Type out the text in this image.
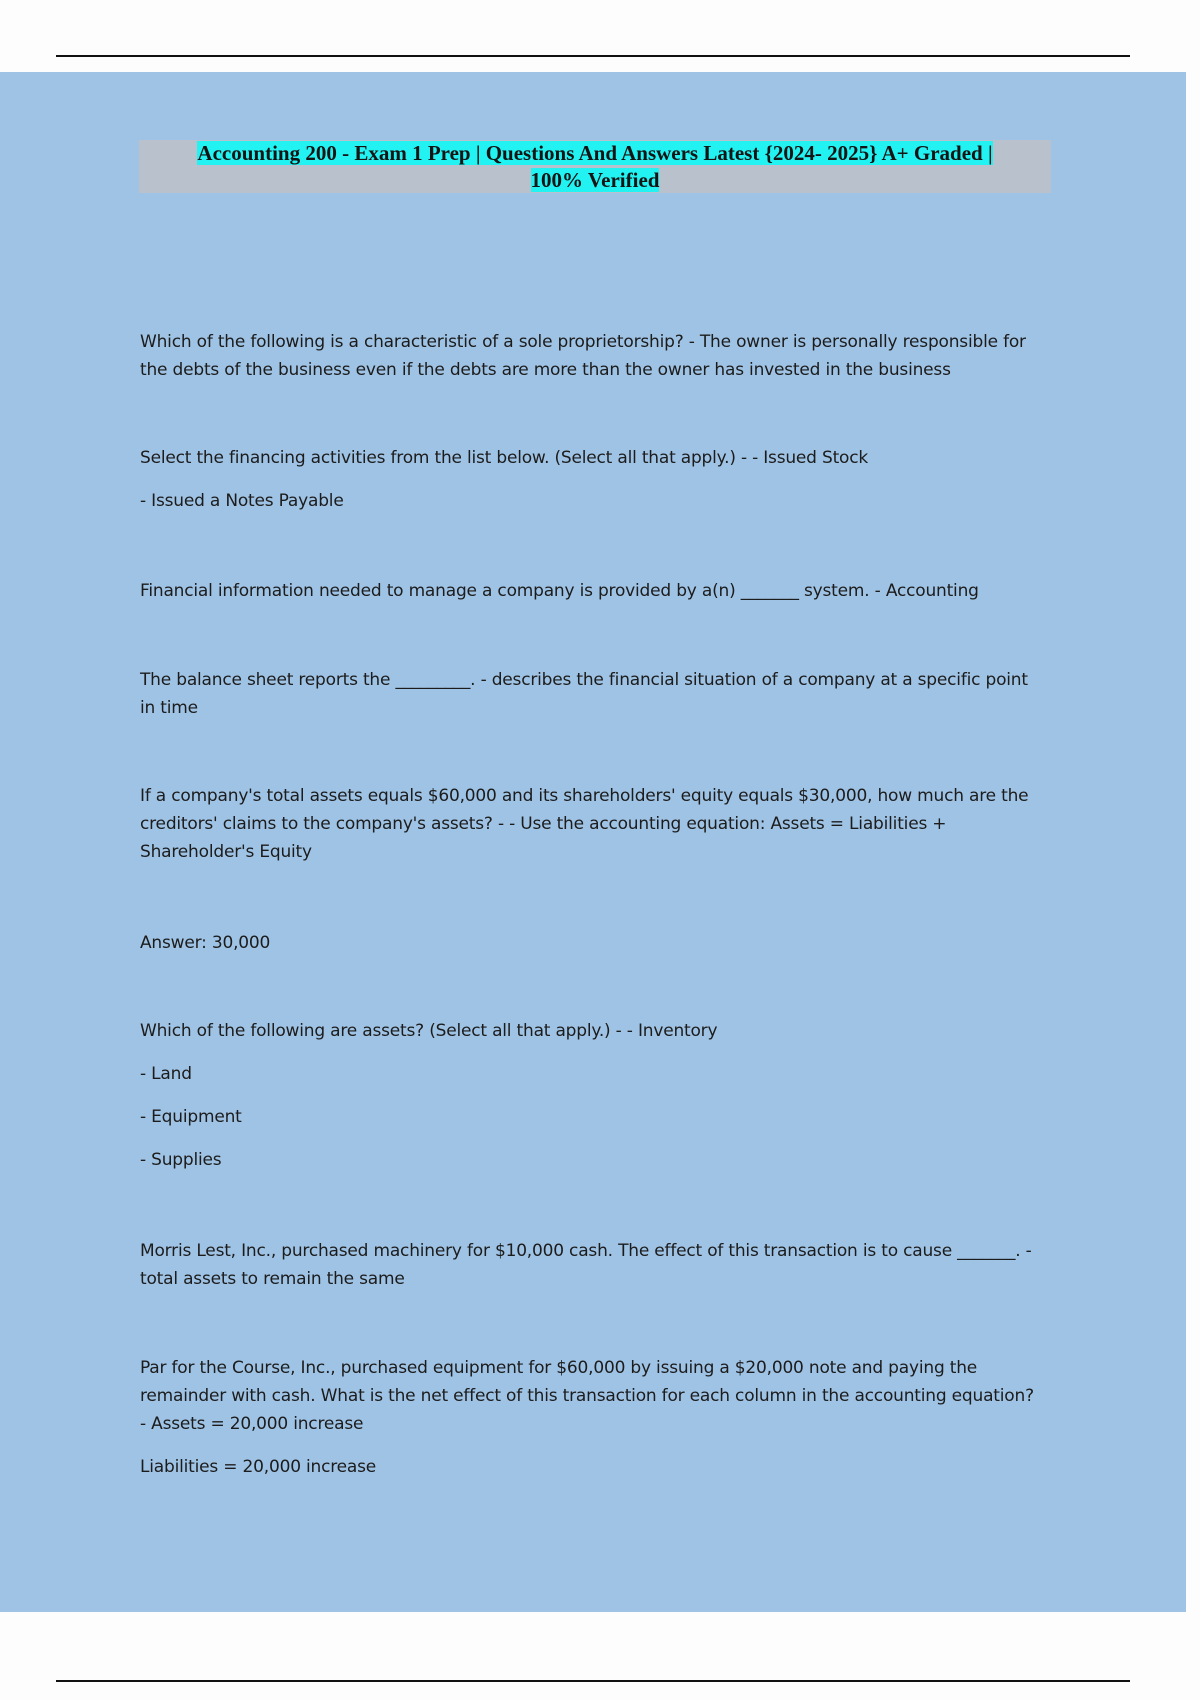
Accounting 200 - Exam 1 Prep | Questions And Answers Latest {2024- 2025} A+ Graded |
100% Verified

Which of the following is a characteristic of a sole proprietorship? - The owner is personally responsible for the debts of the business even if the debts are more than the owner has invested in the business

Select the financing activities from the list below. (Select all that apply.) - - Issued Stock

- Issued a Notes Payable

Financial information needed to manage a company is provided by a(n) _______ system. - Accounting

The balance sheet reports the _________. - describes the financial situation of a company at a specific point in time

If a company's total assets equals $60,000 and its shareholders' equity equals $30,000, how much are the creditors' claims to the company's assets? - - Use the accounting equation: Assets = Liabilities + Shareholder's Equity

Answer: 30,000

Which of the following are assets? (Select all that apply.) - - Inventory

- Land

- Equipment

- Supplies

Morris Lest, Inc., purchased machinery for $10,000 cash. The effect of this transaction is to cause _______. - total assets to remain the same

Par for the Course, Inc., purchased equipment for $60,000 by issuing a $20,000 note and paying the remainder with cash. What is the net effect of this transaction for each column in the accounting equation? - Assets = 20,000 increase

Liabilities = 20,000 increase
